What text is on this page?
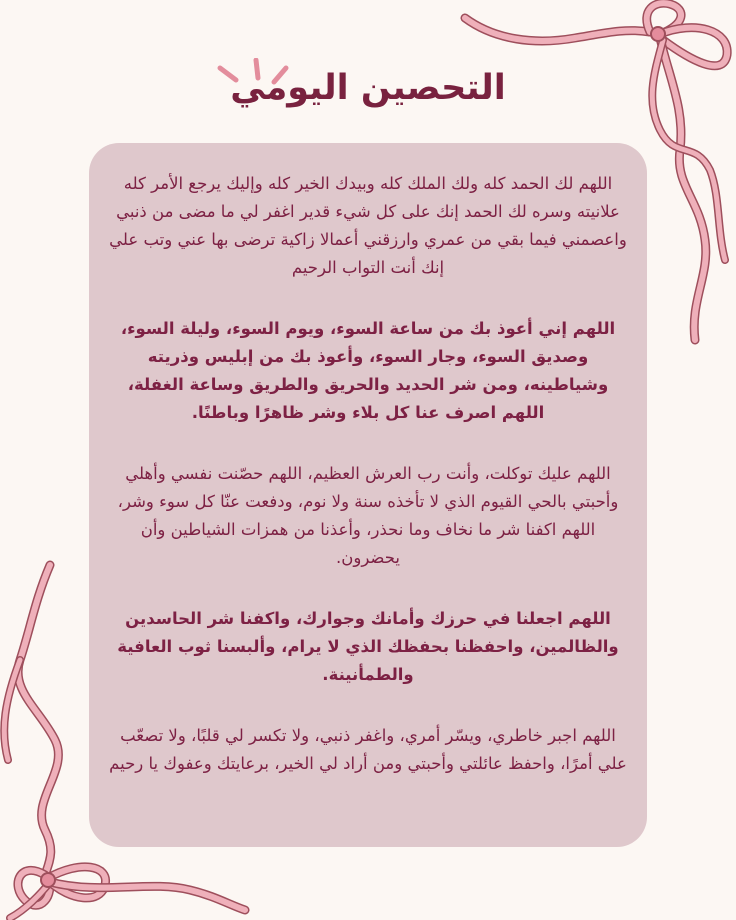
التحصين اليومي

اللهم لك الحمد كله ولك الملك كله وبيدك الخير كله وإليك يرجع الأمر كله علانيته وسره لك الحمد إنك على كل شيء قدير اغفر لي ما مضى من ذنبي واعصمني فيما بقي من عمري وارزقني أعمالا زاكية ترضى بها عني وتب علي إنك أنت التواب الرحيم

اللهم إني أعوذ بك من ساعة السوء، ويوم السوء، وليلة السوء، وصديق السوء، وجار السوء، وأعوذ بك من إبليس وذريته وشياطينه، ومن شر الحديد والحريق والطريق وساعة الغفلة، اللهم اصرف عنا كل بلاء وشر ظاهرًا وباطنًا.

اللهم عليك توكلت، وأنت رب العرش العظيم، اللهم حصّنت نفسي وأهلي وأحبتي بالحي القيوم الذي لا تأخذه سنة ولا نوم، ودفعت عنّا كل سوء وشر، اللهم اكفنا شر ما نخاف وما نحذر، وأعذنا من همزات الشياطين وأن يحضرون.

اللهم اجعلنا في حرزك وأمانك وجوارك، واكفنا شر الحاسدين والظالمين، واحفظنا بحفظك الذي لا يرام، وألبسنا ثوب العافية والطمأنينة.

اللهم اجبر خاطري، ويسّر أمري، واغفر ذنبي، ولا تكسر لي قلبًا، ولا تصعّب علي أمرًا، واحفظ عائلتي وأحبتي ومن أراد لي الخير، برعايتك وعفوك يا رحيم
